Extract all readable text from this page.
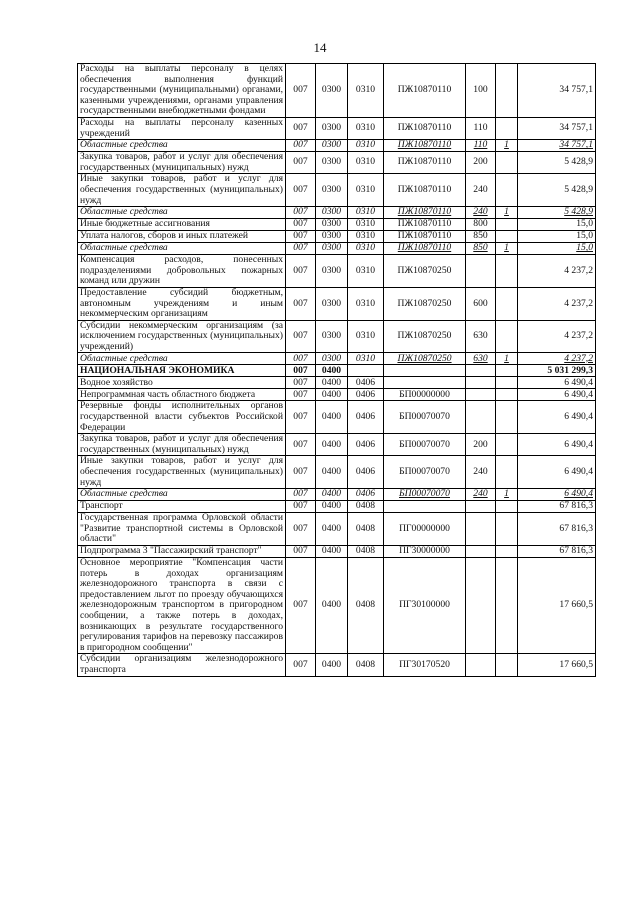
14
Расходы на выплаты персоналу в целях обеспечения выполнения функций государственными (муниципальными) органами, казенными учреждениями, органами управления государственными внебюджетными фондами	007	0300	0310	ПЖ10870110	100		34 757,1
Расходы на выплаты персоналу казенных учреждений	007	0300	0310	ПЖ10870110	110		34 757,1
Областные средства	007	0300	0310	ПЖ10870110	110	1	34 757,1
Закупка товаров, работ и услуг для обеспечения государственных (муниципальных) нужд	007	0300	0310	ПЖ10870110	200		5 428,9
Иные закупки товаров, работ и услуг для обеспечения государственных (муниципальных) нужд	007	0300	0310	ПЖ10870110	240		5 428,9
Областные средства	007	0300	0310	ПЖ10870110	240	1	5 428,9
Иные бюджетные ассигнования	007	0300	0310	ПЖ10870110	800		15,0
Уплата налогов, сборов и иных платежей	007	0300	0310	ПЖ10870110	850		15,0
Областные средства	007	0300	0310	ПЖ10870110	850	1	15,0
Компенсация расходов, понесенных подразделениями добровольных пожарных команд или дружин	007	0300	0310	ПЖ10870250			4 237,2
Предоставление субсидий бюджетным, автономным учреждениям и иным некоммерческим организациям	007	0300	0310	ПЖ10870250	600		4 237,2
Субсидии некоммерческим организациям (за исключением государственных (муниципальных) учреждений)	007	0300	0310	ПЖ10870250	630		4 237,2
Областные средства	007	0300	0310	ПЖ10870250	630	1	4 237,2
НАЦИОНАЛЬНАЯ ЭКОНОМИКА	007	0400					5 031 299,3
Водное хозяйство	007	0400	0406				6 490,4
Непрограммная часть областного бюджета	007	0400	0406	БП00000000			6 490,4
Резервные фонды исполнительных органов государственной власти субъектов Российской Федерации	007	0400	0406	БП00070070			6 490,4
Закупка товаров, работ и услуг для обеспечения государственных (муниципальных) нужд	007	0400	0406	БП00070070	200		6 490,4
Иные закупки товаров, работ и услуг для обеспечения государственных (муниципальных) нужд	007	0400	0406	БП00070070	240		6 490,4
Областные средства	007	0400	0406	БП00070070	240	1	6 490,4
Транспорт	007	0400	0408				67 816,3
Государственная программа Орловской области "Развитие транспортной системы в Орловской области"	007	0400	0408	ПГ00000000			67 816,3
Подпрограмма 3 "Пассажирский транспорт"	007	0400	0408	ПГ30000000			67 816,3
Основное мероприятие "Компенсация части потерь в доходах организациям железнодорожного транспорта в связи с предоставлением льгот по проезду обучающихся железнодорожным транспортом в пригородном сообщении, а также потерь в доходах, возникающих в результате государственного регулирования тарифов на перевозку пассажиров в пригородном сообщении"	007	0400	0408	ПГ30100000			17 660,5
Субсидии организациям железнодорожного транспорта	007	0400	0408	ПГ30170520			17 660,5
